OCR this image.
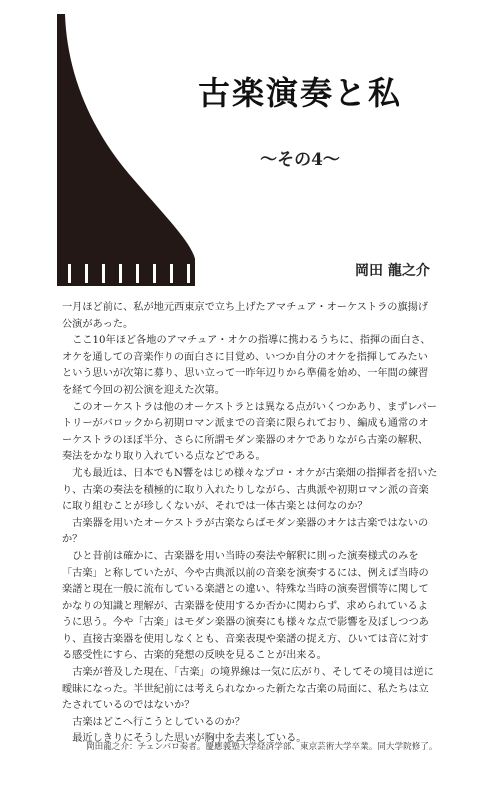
古楽演奏と私
〜その4〜
岡田 龍之介

一月ほど前に、私が地元西東京で立ち上げたアマチュア・オーケストラの旗揚げ公演があった。

ここ10年ほど各地のアマチュア・オケの指導に携わるうちに、指揮の面白さ、オケを通しての音楽作りの面白さに目覚め、いつか自分のオケを指揮してみたいという思いが次第に募り、思い立って一昨年辺りから準備を始め、一年間の練習を経て今回の初公演を迎えた次第。

このオーケストラは他のオーケストラとは異なる点がいくつかあり、まずレパートリーがバロックから初期ロマン派までの音楽に限られており、編成も通常のオーケストラのほぼ半分、さらに所謂モダン楽器のオケでありながら古楽の解釈、奏法をかなり取り入れている点などである。

尤も最近は、日本でもN響をはじめ様々なプロ・オケが古楽畑の指揮者を招いたり、古楽の奏法を積極的に取り入れたりしながら、古典派や初期ロマン派の音楽に取り組むことが珍しくないが、それでは一体古楽とは何なのか？

古楽器を用いたオーケストラが古楽ならばモダン楽器のオケは古楽ではないのか？

ひと昔前は確かに、古楽器を用い当時の奏法や解釈に則った演奏様式のみを「古楽」と称していたが、今や古典派以前の音楽を演奏するには、例えば当時の楽譜と現在一般に流布している楽譜との違い、特殊な当時の演奏習慣等に関してかなりの知識と理解が、古楽器を使用するか否かに関わらず、求められているように思う。今や「古楽」はモダン楽器の演奏にも様々な点で影響を及ぼしつつあり、直接古楽器を使用しなくとも、音楽表現や楽譜の捉え方、ひいては音に対する感受性にすら、古楽的発想の反映を見ることが出来る。

古楽が普及した現在、「古楽」の境界線は一気に広がり、そしてその境目は逆に曖昧になった。半世紀前には考えられなかった新たな古楽の局面に、私たちは立たされているのではないか？

古楽はどこへ行こうとしているのか？

最近しきりにそうした思いが胸中を去来している。

岡田龍之介：チェンバロ奏者。慶應義塾大学経済学部、東京芸術大学卒業。同大学院修了。
